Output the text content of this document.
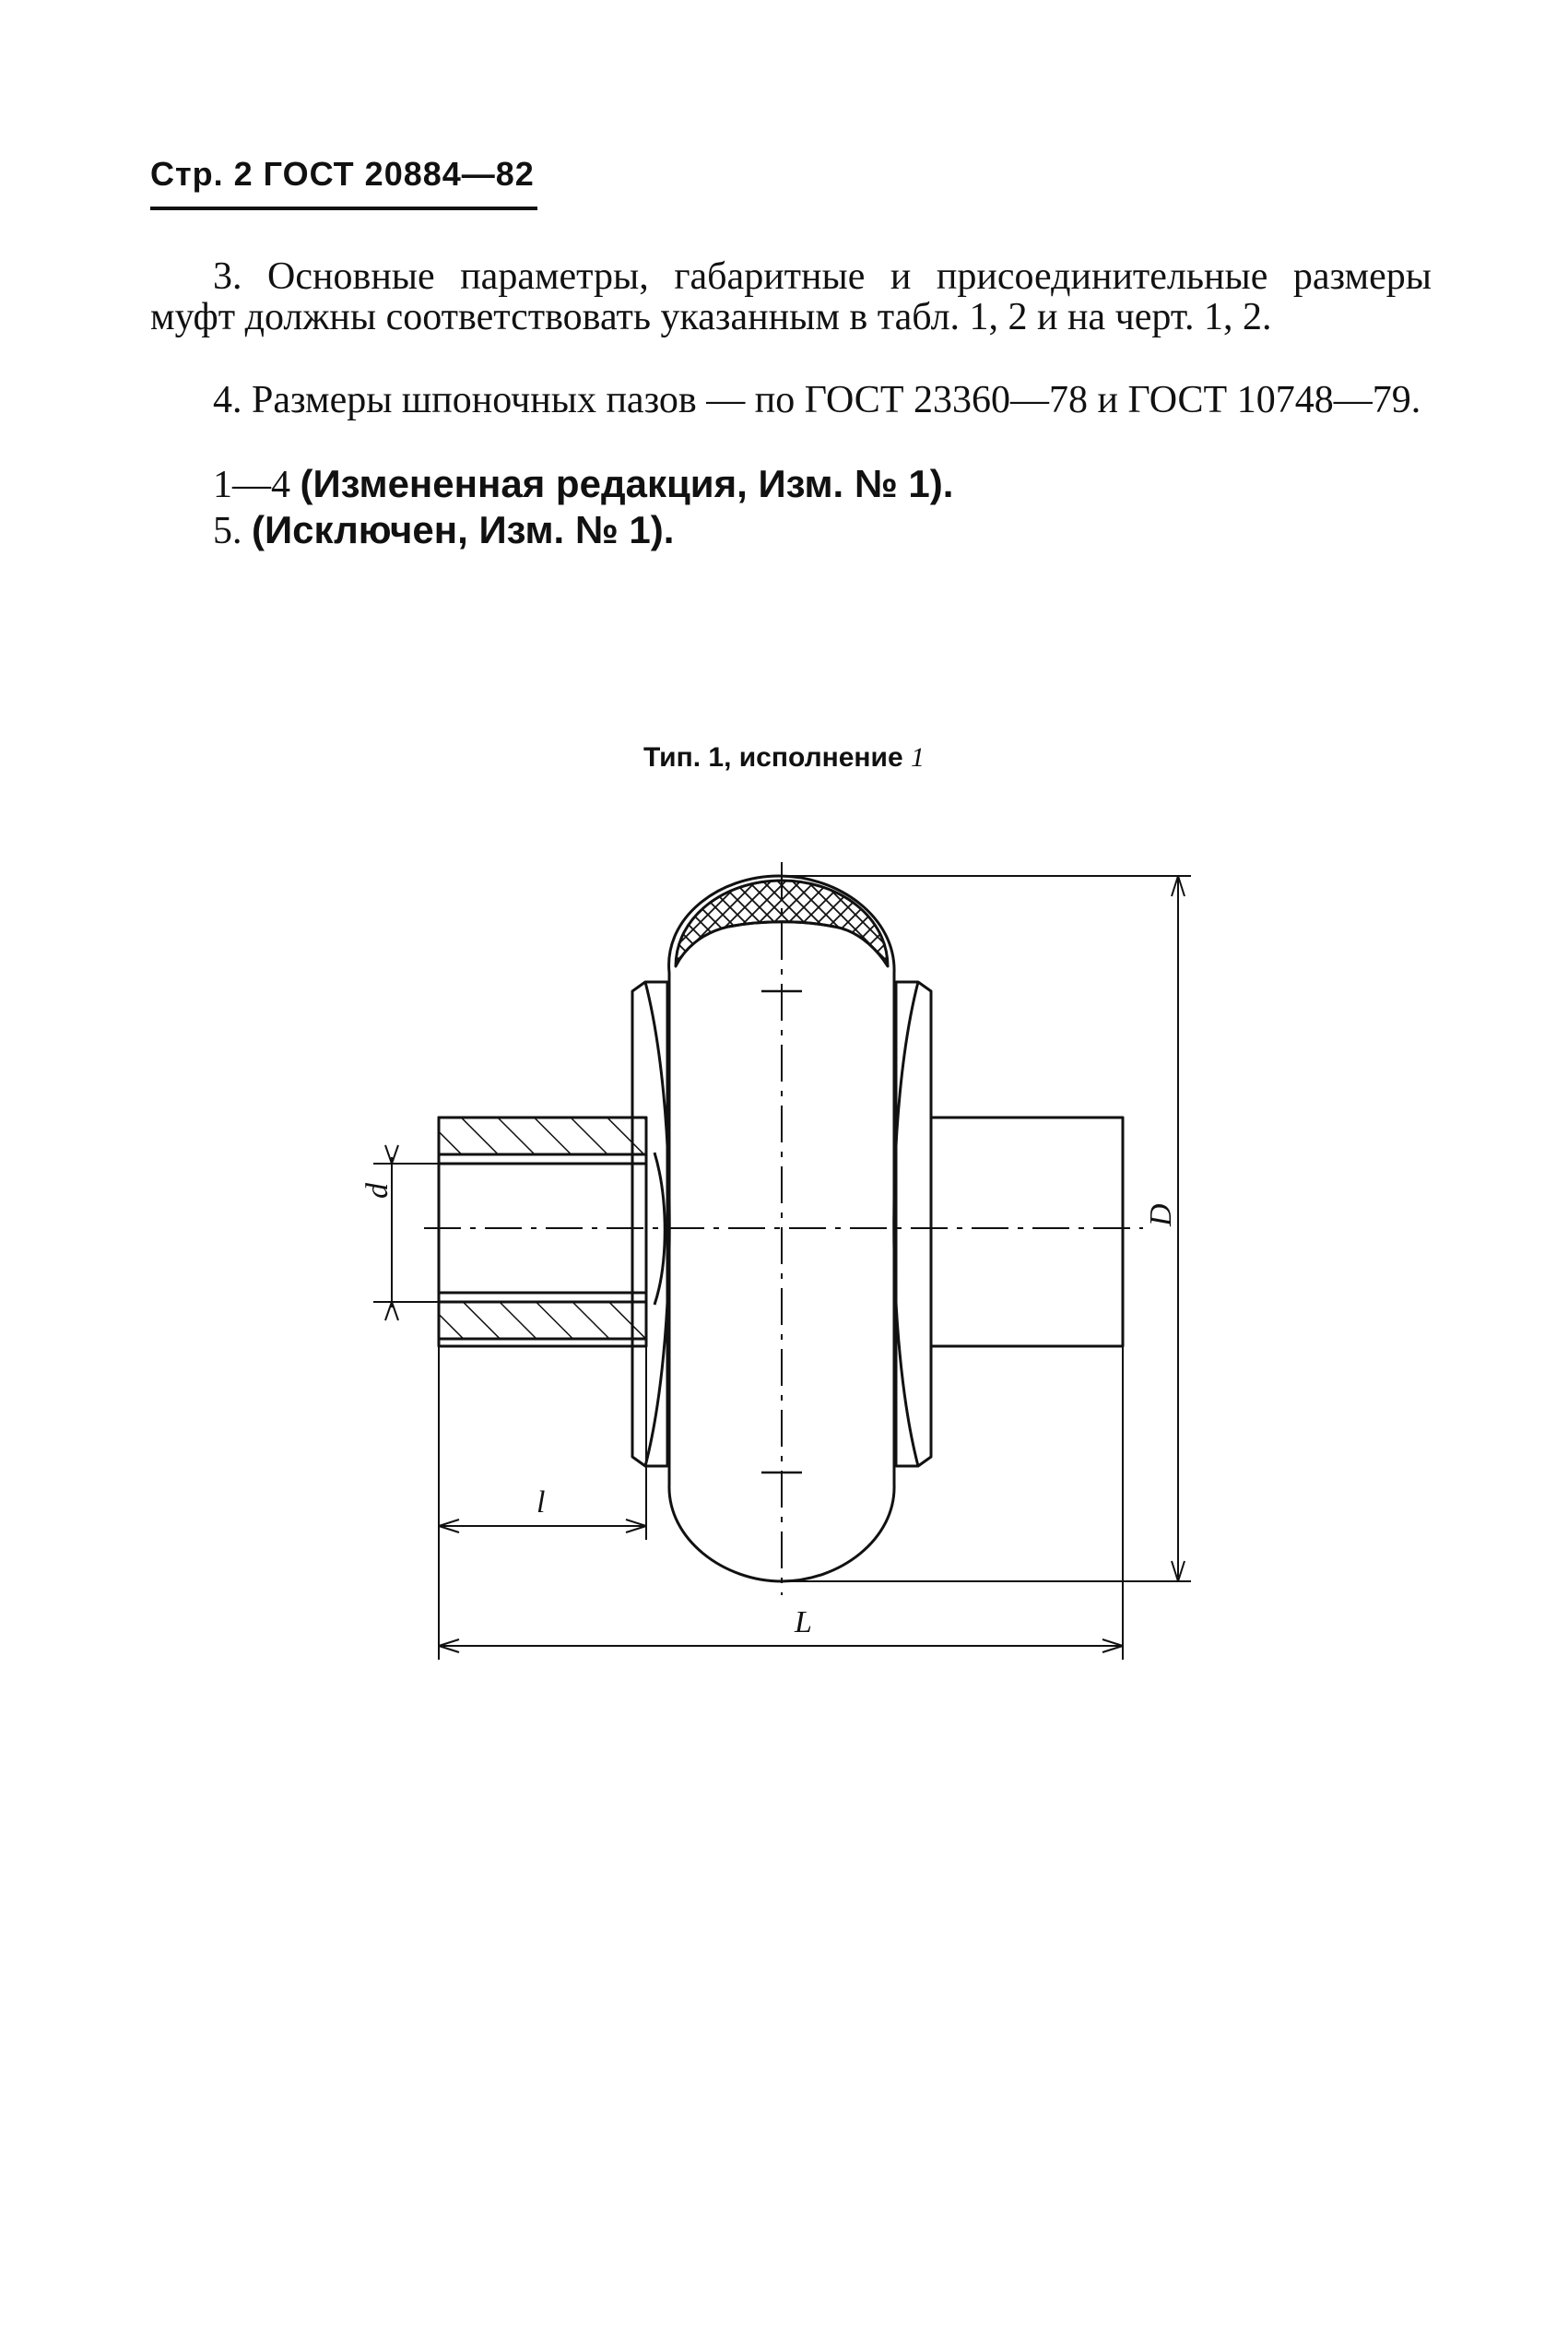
Стр. 2 ГОСТ 20884—82
3. Основные параметры, габаритные и присоединительные размеры муфт должны соответствовать указанным в табл. 1, 2 и на черт. 1, 2.
4. Размеры шпоночных пазов — по ГОСТ 23360—78 и ГОСТ 10748—79.
1—4 (Измененная редакция, Изм. № 1).
5. (Исключен, Изм. № 1).
Тип. 1, исполнение 1
d
D
l
L
